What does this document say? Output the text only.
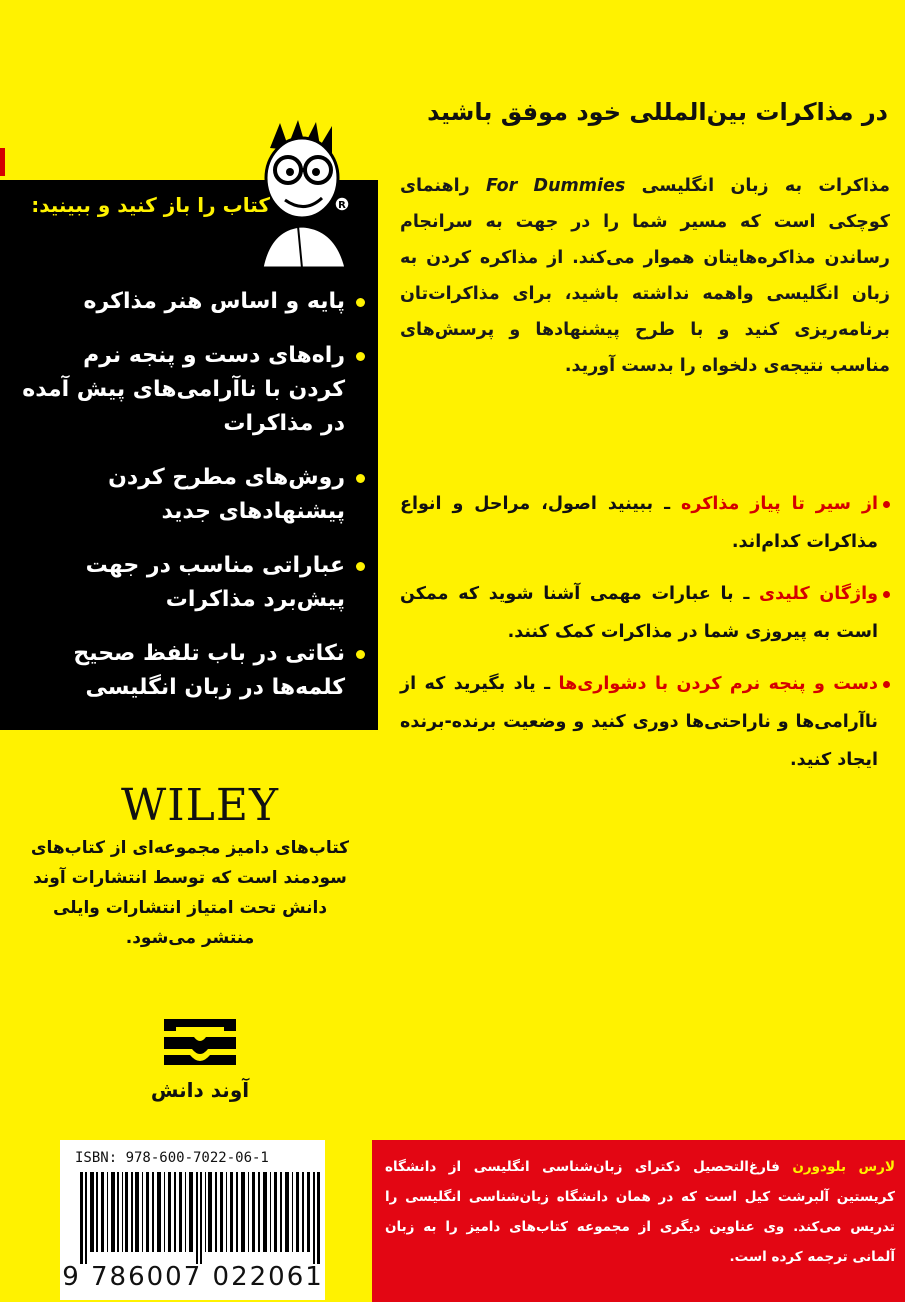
R
کتاب را باز کنید و ببینید:
پایه و اساس هنر مذاکره
راه‌های دست و پنجه نرم کردن با ناآرامی‌های پیش آمده در مذاکرات
روش‌های مطرح کردن پیشنهادهای جدید
عباراتی مناسب در جهت پیش‌برد مذاکرات
نکاتی در باب تلفظ صحیح کلمه‌ها در زبان انگلیسی
در مذاکرات بین‌المللی خود موفق باشید
مذاکرات به زبان انگلیسی For Dummies راهنمای کوچکی است که مسیر شما را در جهت به سرانجام رساندن مذاکره‌هایتان هموار می‌کند. از مذاکره کردن به زبان انگلیسی واهمه نداشته باشید، برای مذاکرات‌تان برنامه‌ریزی کنید و با طرح پیشنهادها و پرسش‌های مناسب نتیجه‌ی دلخواه را بدست آورید.
از سیر تا پیاز مذاکره ـ ببینید اصول، مراحل و انواع مذاکرات کدام‌اند.
واژگان کلیدی ـ با عبارات مهمی آشنا شوید که ممکن است به پیروزی شما در مذاکرات کمک کنند.
دست و پنجه نرم کردن با دشواری‌ها ـ یاد بگیرید که از ناآرامی‌ها و ناراحتی‌ها دوری کنید و وضعیت برنده-برنده ایجاد کنید.
WILEY
کتاب‌های دامیز مجموعه‌ای از کتاب‌های سودمند است که توسط انتشارات آوند دانش تحت امتیاز انتشارات وایلی منتشر می‌شود.
آوند دانش
ISBN: 978-600-7022-06-1
9 786007 022061
لارس بلودورن فارغ‌التحصیل دکترای زبان‌شناسی انگلیسی از دانشگاه کریستین آلبرشت کیل است که در همان دانشگاه زبان‌شناسی انگلیسی را تدریس می‌کند. وی عناوین دیگری از مجموعه کتاب‌های دامیز را به زبان آلمانی ترجمه کرده است.
